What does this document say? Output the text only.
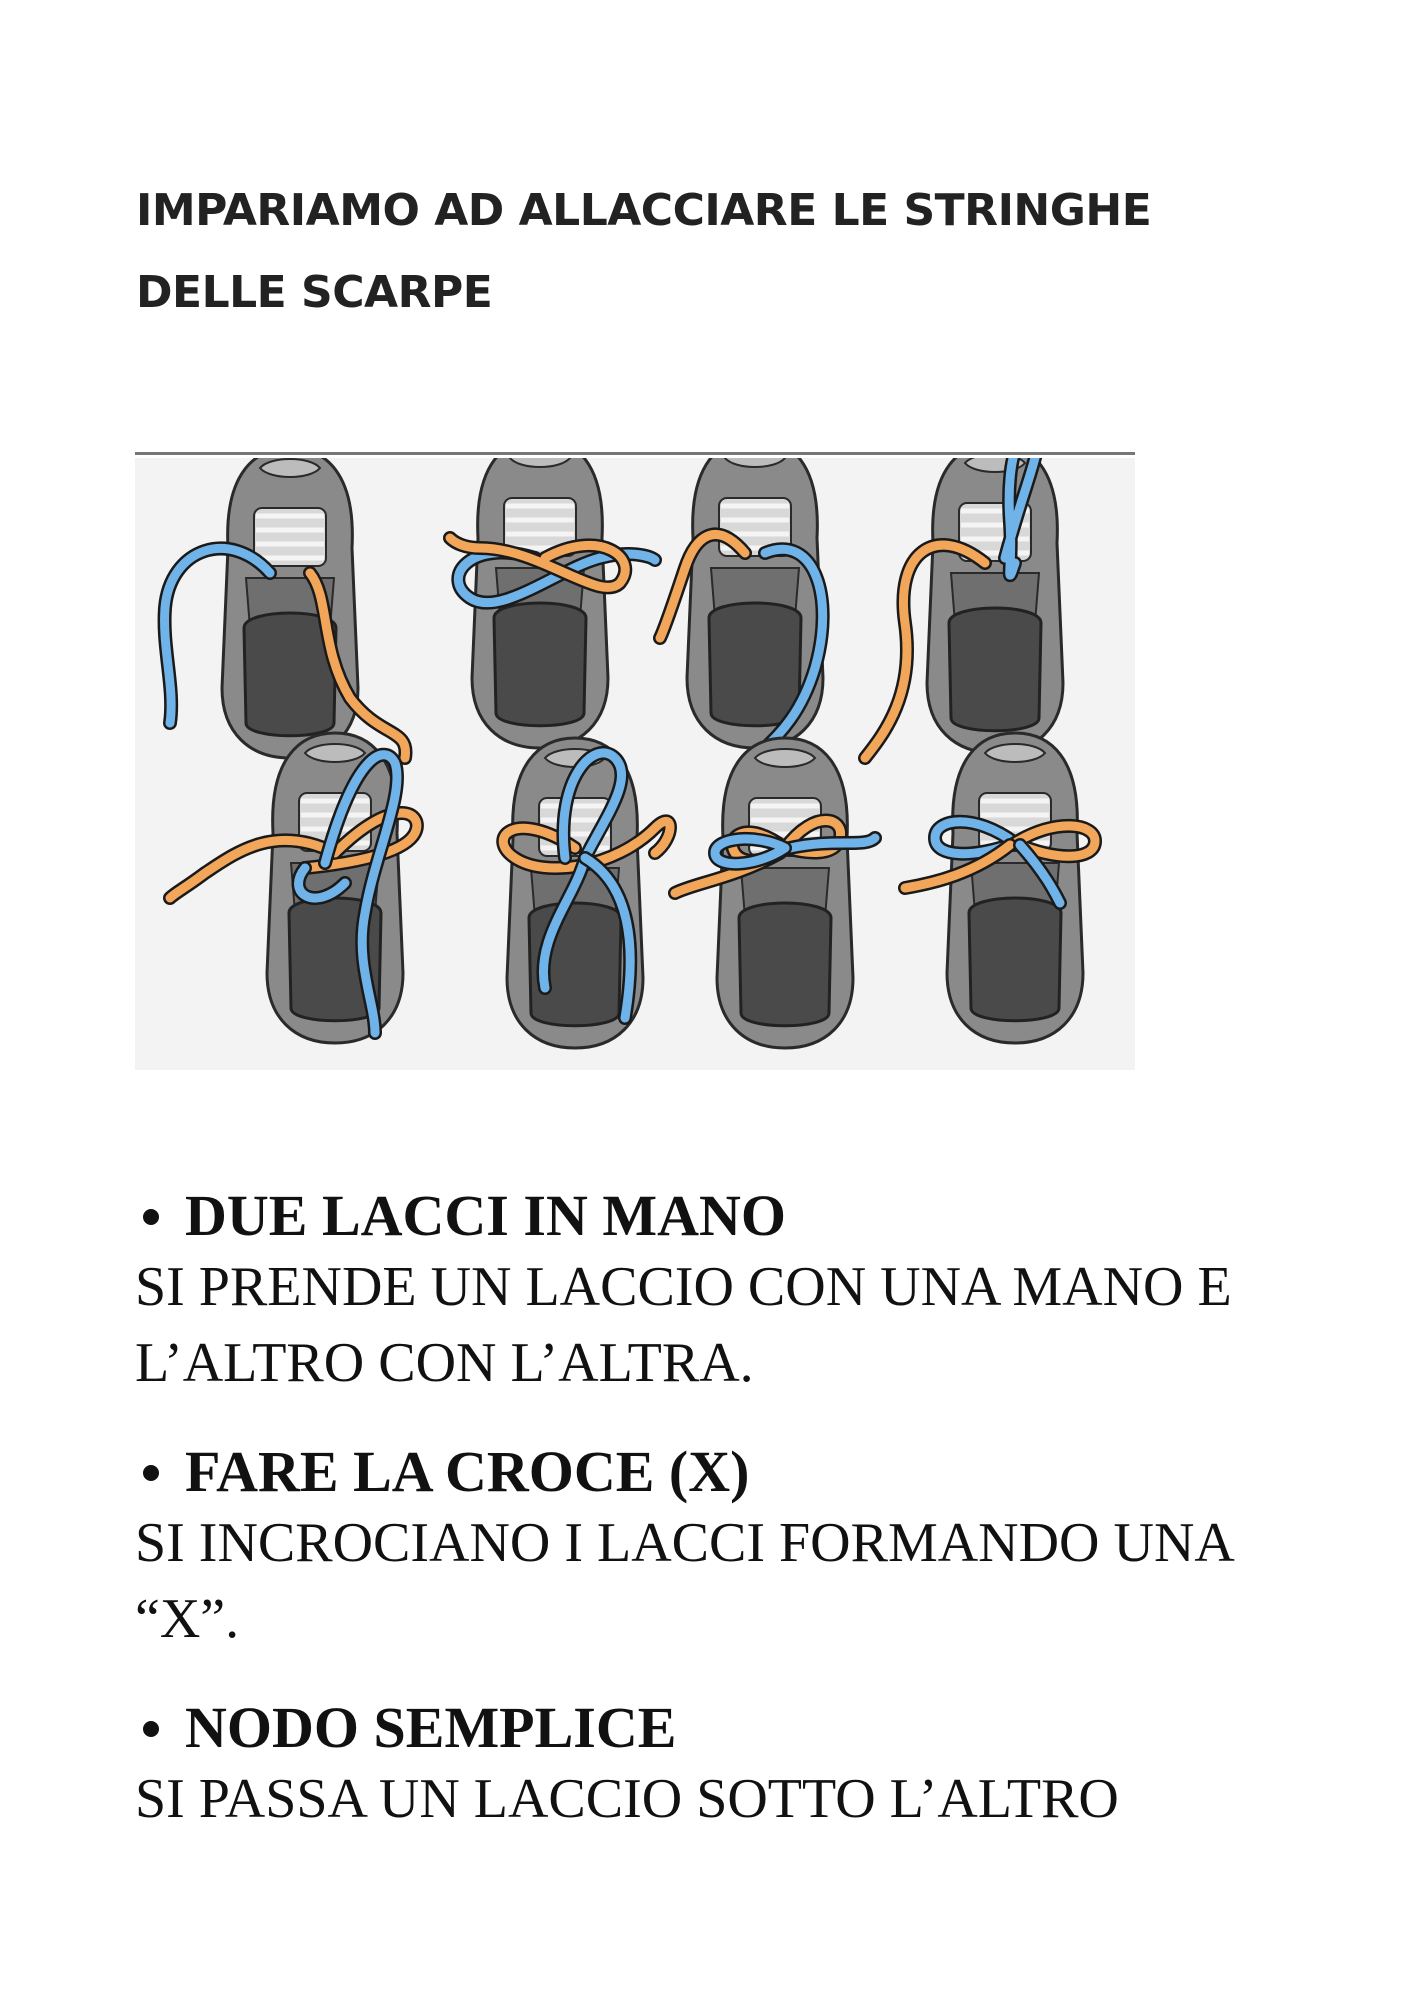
IMPARIAMO AD ALLACCIARE LE STRINGHE DELLE SCARPE
DUE LACCI IN MANO
SI PRENDE UN LACCIO CON UNA MANO E L’ALTRO CON L’ALTRA.
FARE LA CROCE (X)
SI INCROCIANO I LACCI FORMANDO UNA “X”.
NODO SEMPLICE
SI PASSA UN LACCIO SOTTO L’ALTRO
